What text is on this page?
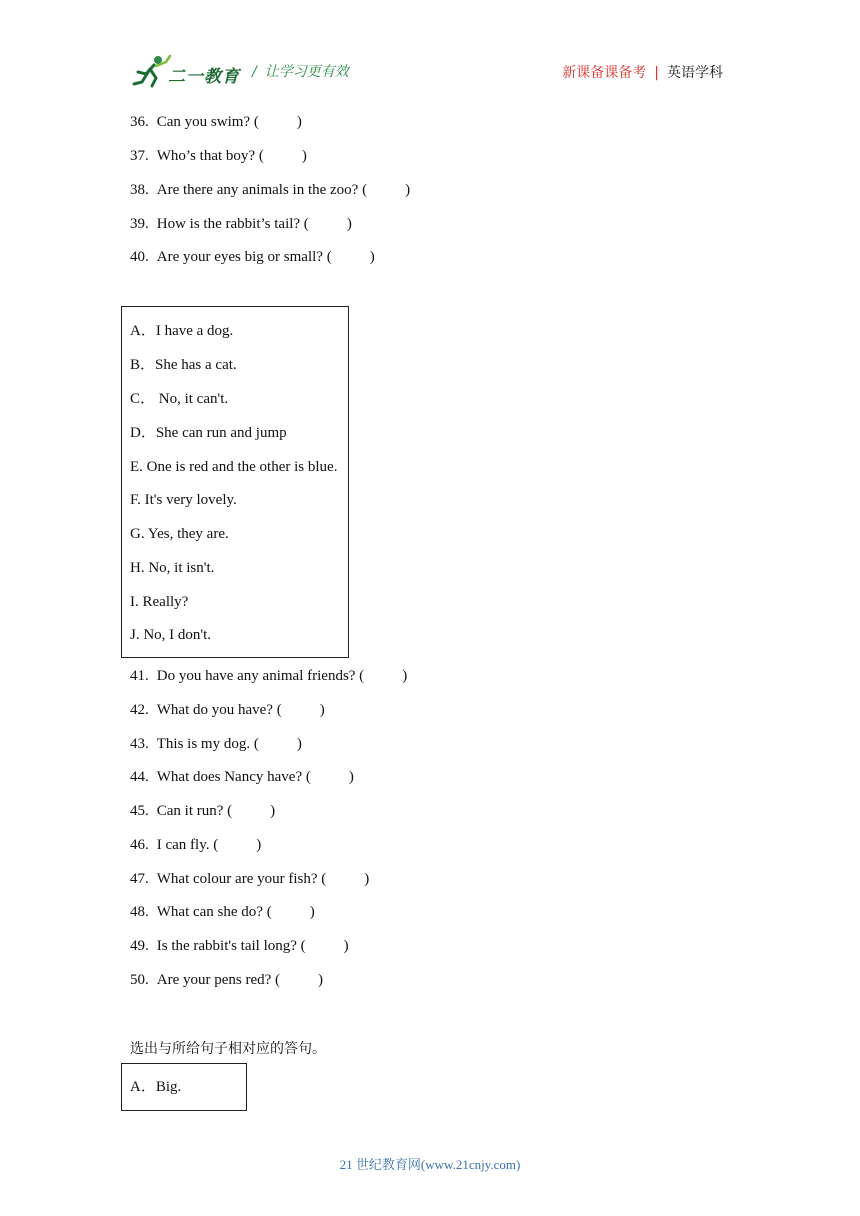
二一教育 / 让学习更有效	新课备课备考 | 英语学科
36. Can you swim? (	)
37. Who’s that boy? (	)
38. Are there any animals in the zoo? (	)
39. How is the rabbit’s tail? (	)
40. Are your eyes big or small? (	)
A．I have a dog.
B．She has a cat.
C． No, it can't.
D．She can run and jump
E. One is red and the other is blue.
F. It's very lovely.
G. Yes, they are.
H. No, it isn't.
I. Really?
J. No, I don't.
41. Do you have any animal friends? (	)
42. What do you have? (	)
43. This is my dog. (	)
44. What does Nancy have? (	)
45. Can it run? (	)
46. I can fly. (	)
47. What colour are your fish? (	)
48. What can she do? (	)
49. Is the rabbit's tail long? (	)
50. Are your pens red? (	)
选出与所给句子相对应的答句。
A．Big.
21 世纪教育网(www.21cnjy.com)
